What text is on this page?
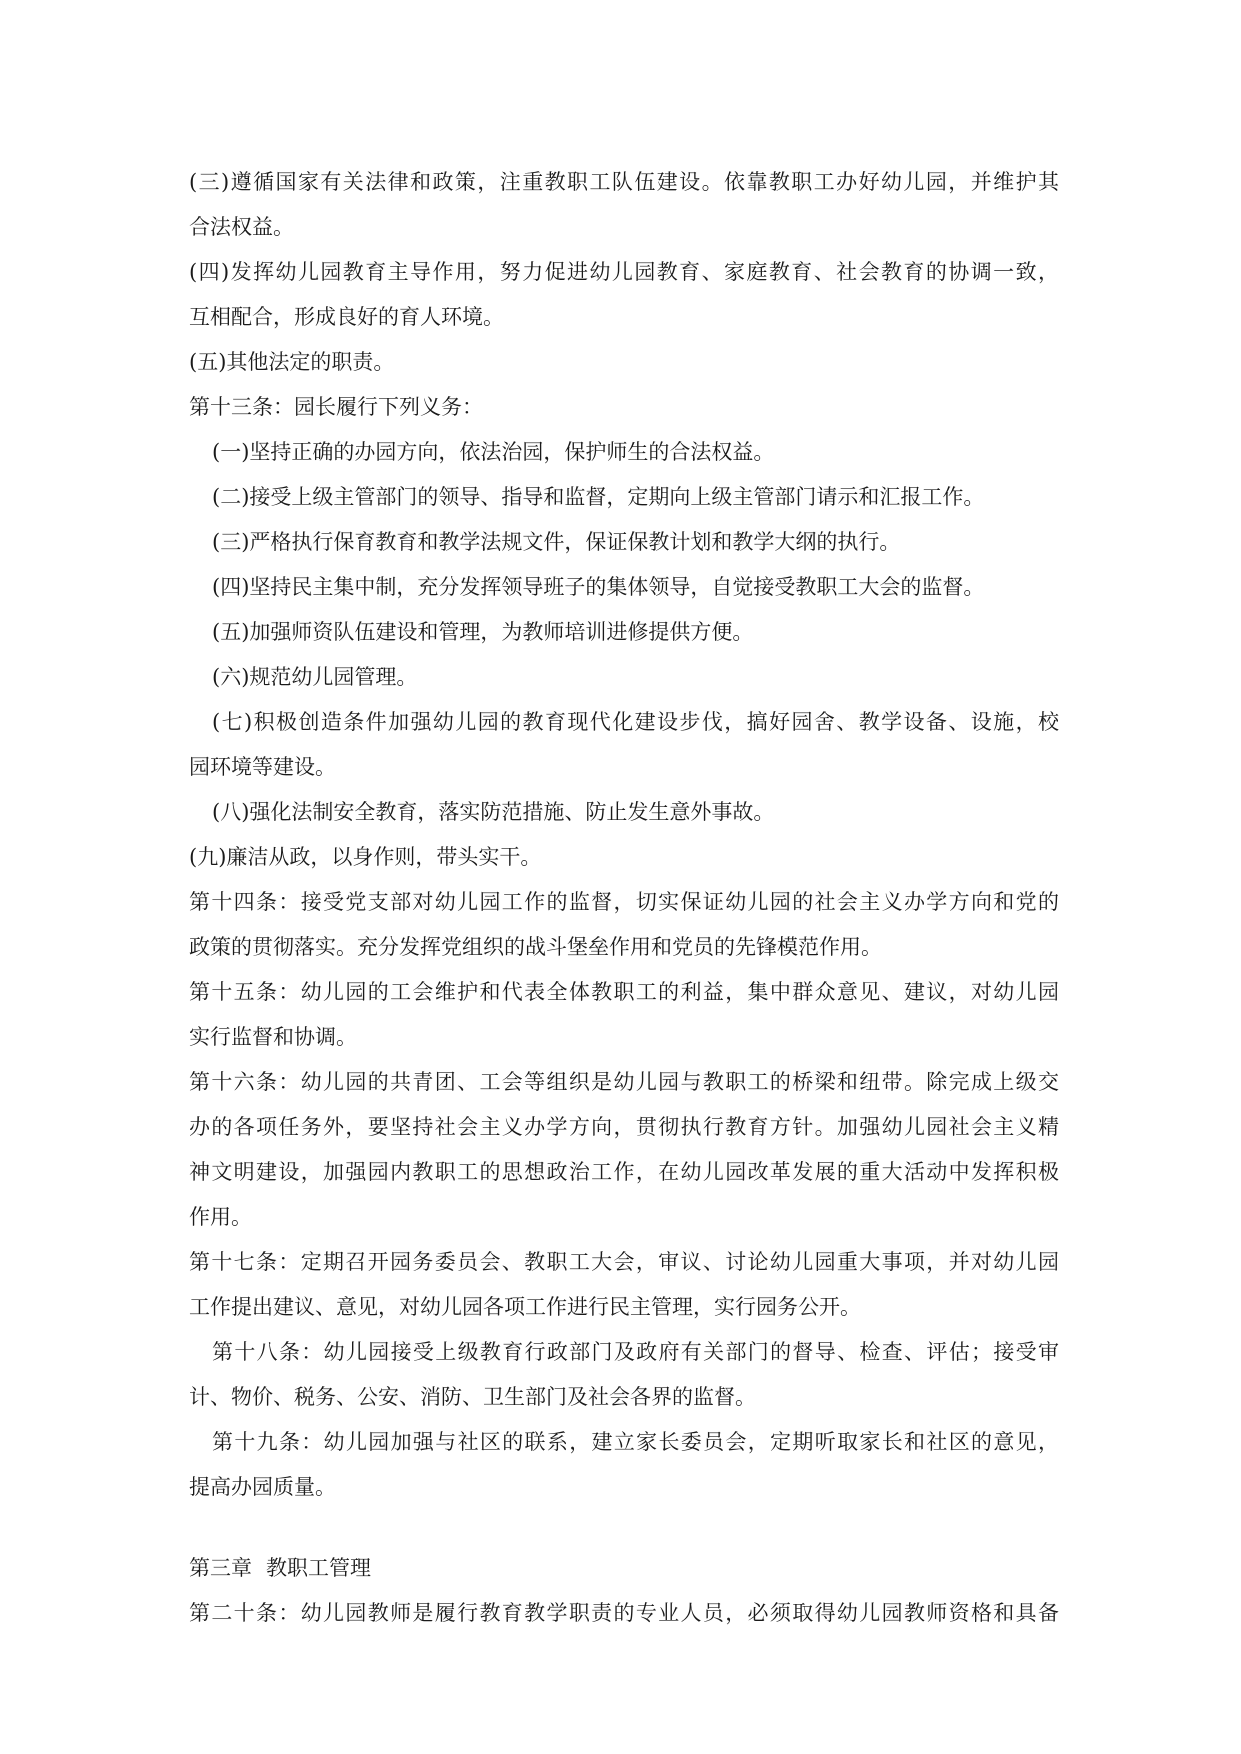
(三)遵循国家有关法律和政策，注重教职工队伍建设。依靠教职工办好幼儿园，并维护其
合法权益。
(四)发挥幼儿园教育主导作用，努力促进幼儿园教育、家庭教育、社会教育的协调一致，
互相配合，形成良好的育人环境。
(五)其他法定的职责。
第十三条：园长履行下列义务：
(一)坚持正确的办园方向，依法治园，保护师生的合法权益。
(二)接受上级主管部门的领导、指导和监督，定期向上级主管部门请示和汇报工作。
(三)严格执行保育教育和教学法规文件，保证保教计划和教学大纲的执行。
(四)坚持民主集中制，充分发挥领导班子的集体领导，自觉接受教职工大会的监督。
(五)加强师资队伍建设和管理，为教师培训进修提供方便。
(六)规范幼儿园管理。
(七)积极创造条件加强幼儿园的教育现代化建设步伐，搞好园舍、教学设备、设施，校
园环境等建设。
(八)强化法制安全教育，落实防范措施、防止发生意外事故。
(九)廉洁从政，以身作则，带头实干。
第十四条：接受党支部对幼儿园工作的监督，切实保证幼儿园的社会主义办学方向和党的
政策的贯彻落实。充分发挥党组织的战斗堡垒作用和党员的先锋模范作用。
第十五条：幼儿园的工会维护和代表全体教职工的利益，集中群众意见、建议，对幼儿园
实行监督和协调。
第十六条：幼儿园的共青团、工会等组织是幼儿园与教职工的桥梁和纽带。除完成上级交
办的各项任务外，要坚持社会主义办学方向，贯彻执行教育方针。加强幼儿园社会主义精
神文明建设，加强园内教职工的思想政治工作，在幼儿园改革发展的重大活动中发挥积极
作用。
第十七条：定期召开园务委员会、教职工大会，审议、讨论幼儿园重大事项，并对幼儿园
工作提出建议、意见，对幼儿园各项工作进行民主管理，实行园务公开。
第十八条：幼儿园接受上级教育行政部门及政府有关部门的督导、检查、评估；接受审
计、物价、税务、公安、消防、卫生部门及社会各界的监督。
第十九条：幼儿园加强与社区的联系，建立家长委员会，定期听取家长和社区的意见，
提高办园质量。
第三章 教职工管理
第二十条：幼儿园教师是履行教育教学职责的专业人员，必须取得幼儿园教师资格和具备
